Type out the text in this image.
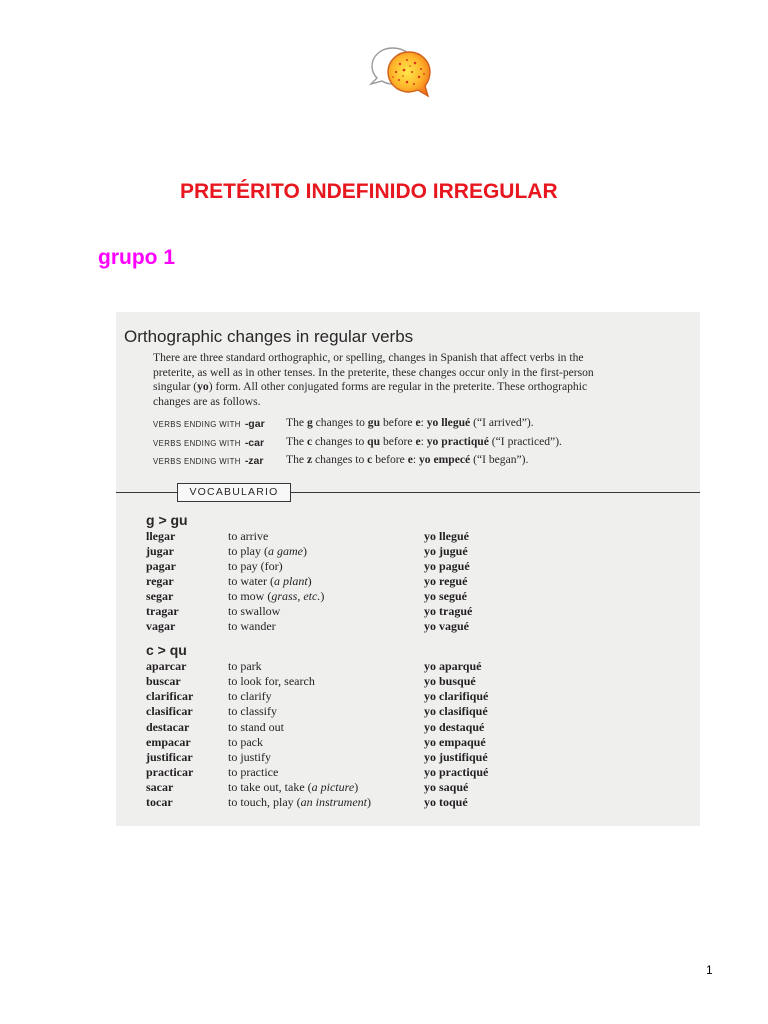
PRETÉRITO INDEFINIDO IRREGULAR
grupo 1
Orthographic changes in regular verbs
There are three standard orthographic, or spelling, changes in Spanish that affect verbs in the
preterite, as well as in other tenses. In the preterite, these changes occur only in the first-person
singular (yo) form. All other conjugated forms are regular in the preterite. These orthographic
changes are as follows.
VERBS ENDING WITH -gar The g changes to gu before e: yo llegué (“I arrived”).
VERBS ENDING WITH -car The c changes to qu before e: yo practiqué (“I practiced”).
VERBS ENDING WITH -zar The z changes to c before e: yo empecé (“I began”).
VOCABULARIO
g > gu
llegar	to arrive	yo llegué
jugar	to play (a game)	yo jugué
pagar	to pay (for)	yo pagué
regar	to water (a plant)	yo regué
segar	to mow (grass, etc.)	yo segué
tragar	to swallow	yo tragué
vagar	to wander	yo vagué
c > qu
aparcar	to park	yo aparqué
buscar	to look for, search	yo busqué
clarificar	to clarify	yo clarifiqué
clasificar	to classify	yo clasifiqué
destacar	to stand out	yo destaqué
empacar	to pack	yo empaqué
justificar	to justify	yo justifiqué
practicar	to practice	yo practiqué
sacar	to take out, take (a picture)	yo saqué
tocar	to touch, play (an instrument)	yo toqué
1
